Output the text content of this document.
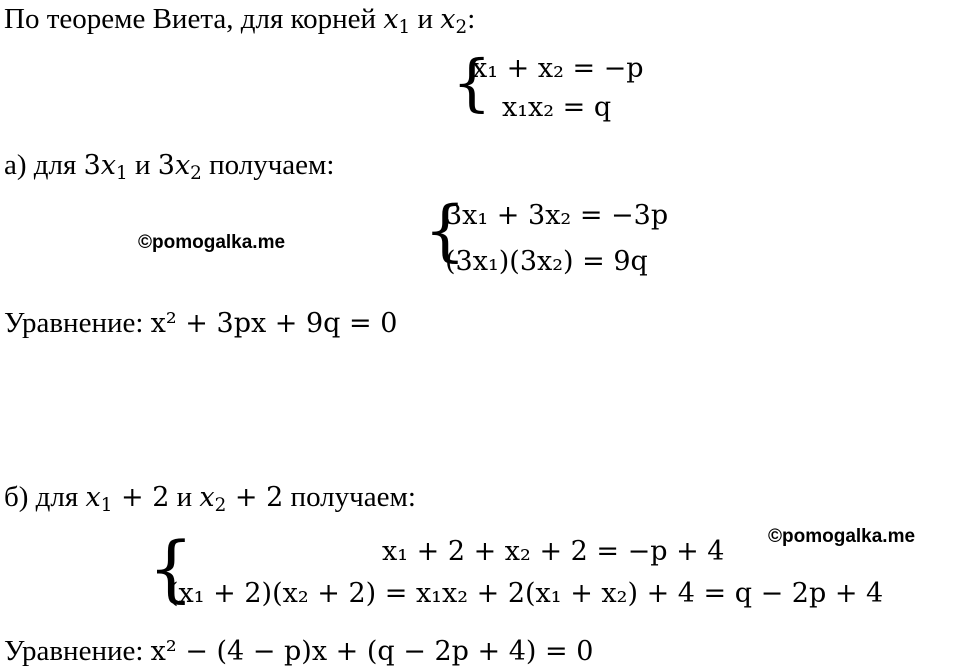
По теореме Виета, для корней $x_1$ и $x_2$:
{
x₁ + x₂ = −p
x₁x₂ = q
а) для $3x_1$ и $3x_2$ получаем:
©pomogalka.me {
3x₁ + 3x₂ = −3p
(3x₁)(3x₂) = 9q
Уравнение: x² + 3px + 9q = 0
б) для $x_1 + 2$ и $x_2 + 2$ получаем:
©pomogalka.me
{	x₁ + 2 + x₂ + 2 = −p + 4
(x₁ + 2)(x₂ + 2) = x₁x₂ + 2(x₁ + x₂) + 4 = q − 2p + 4
Уравнение: x² − (4 − p)x + (q − 2p + 4) = 0
